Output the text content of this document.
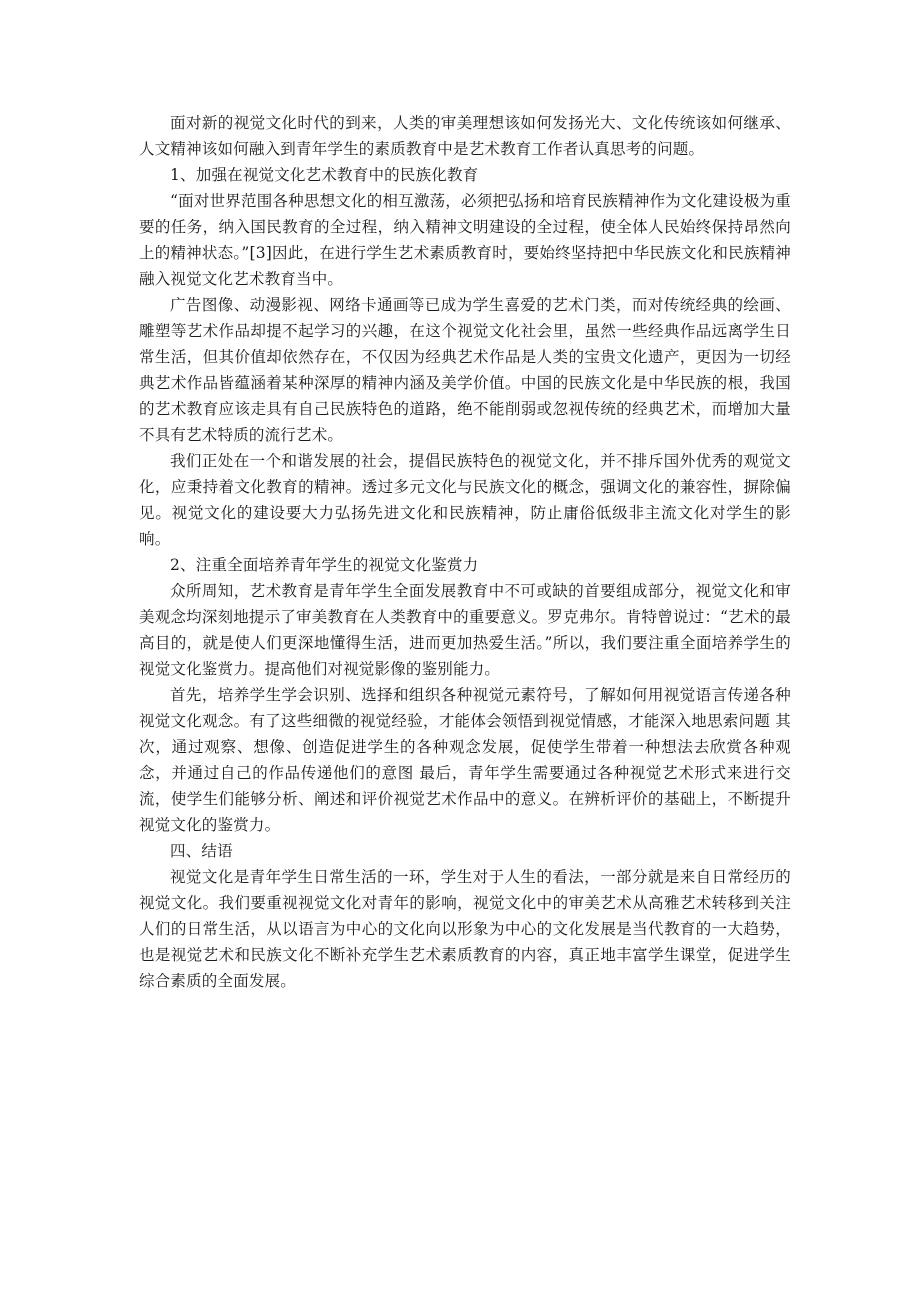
面对新的视觉文化时代的到来，人类的审美理想该如何发扬光大、文化传统该如何继承、人文精神该如何融入到青年学生的素质教育中是艺术教育工作者认真思考的问题。

1、加强在视觉文化艺术教育中的民族化教育

“面对世界范围各种思想文化的相互激荡，必须把弘扬和培育民族精神作为文化建设极为重要的任务，纳入国民教育的全过程，纳入精神文明建设的全过程，使全体人民始终保持昂然向上的精神状态。”[3]因此，在进行学生艺术素质教育时，要始终坚持把中华民族文化和民族精神融入视觉文化艺术教育当中。

广告图像、动漫影视、网络卡通画等已成为学生喜爱的艺术门类，而对传统经典的绘画、雕塑等艺术作品却提不起学习的兴趣，在这个视觉文化社会里，虽然一些经典作品远离学生日常生活，但其价值却依然存在，不仅因为经典艺术作品是人类的宝贵文化遗产，更因为一切经典艺术作品皆蕴涵着某种深厚的精神内涵及美学价值。中国的民族文化是中华民族的根，我国的艺术教育应该走具有自己民族特色的道路，绝不能削弱或忽视传统的经典艺术，而增加大量不具有艺术特质的流行艺术。

我们正处在一个和谐发展的社会，提倡民族特色的视觉文化，并不排斥国外优秀的观觉文化，应秉持着文化教育的精神。透过多元文化与民族文化的概念，强调文化的兼容性，摒除偏见。视觉文化的建设要大力弘扬先进文化和民族精神，防止庸俗低级非主流文化对学生的影响。

2、注重全面培养青年学生的视觉文化鉴赏力

众所周知，艺术教育是青年学生全面发展教育中不可或缺的首要组成部分，视觉文化和审美观念均深刻地提示了审美教育在人类教育中的重要意义。罗克弗尔。肯特曾说过：“艺术的最高目的，就是使人们更深地懂得生活，进而更加热爱生活。”所以，我们要注重全面培养学生的视觉文化鉴赏力。提高他们对视觉影像的鉴别能力。

首先，培养学生学会识别、选择和组织各种视觉元素符号，了解如何用视觉语言传递各种视觉文化观念。有了这些细微的视觉经验，才能体会领悟到视觉情感，才能深入地思索问题 其次，通过观察、想像、创造促进学生的各种观念发展，促使学生带着一种想法去欣赏各种观念，并通过自己的作品传递他们的意图 最后，青年学生需要通过各种视觉艺术形式来进行交流，使学生们能够分析、阐述和评价视觉艺术作品中的意义。在辨析评价的基础上，不断提升视觉文化的鉴赏力。

四、结语

视觉文化是青年学生日常生活的一环，学生对于人生的看法，一部分就是来自日常经历的视觉文化。我们要重视视觉文化对青年的影响，视觉文化中的审美艺术从高雅艺术转移到关注人们的日常生活，从以语言为中心的文化向以形象为中心的文化发展是当代教育的一大趋势，也是视觉艺术和民族文化不断补充学生艺术素质教育的内容，真正地丰富学生课堂，促进学生综合素质的全面发展。
